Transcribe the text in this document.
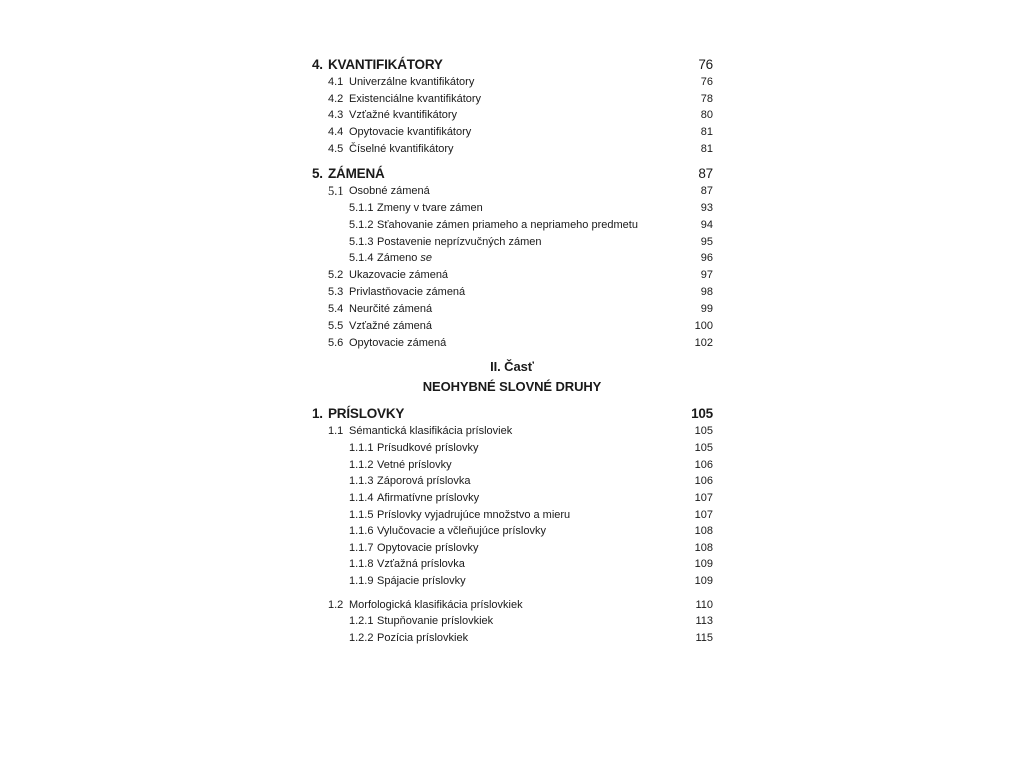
4. KVANTIFIKÁTORY	76
4.1 Univerzálne kvantifikátory	76
4.2 Existenciálne kvantifikátory	78
4.3 Vzťažné kvantifikátory	80
4.4 Opytovacie kvantifikátory	81
4.5 Číselné kvantifikátory	81
5. ZÁMENÁ	87
5.1 Osobné zámená	87
5.1.1 Zmeny v tvare zámen	93
5.1.2 Sťahovanie zámen priameho a nepriameho predmetu	94
5.1.3 Postavenie neprízvučných zámen	95
5.1.4 Zámeno se	96
5.2 Ukazovacie zámená	97
5.3 Privlastňovacie zámená	98
5.4 Neurčité zámená	99
5.5 Vzťažné zámená	100
5.6 Opytovacie zámená	102
II. Časť
NEOHYBNÉ SLOVNÉ DRUHY
1. PRÍSLOVKY	105
1.1 Sémantická klasifikácia prísloviek	105
1.1.1 Prísudkové príslovky	105
1.1.2 Vetné príslovky	106
1.1.3 Záporová príslovka	106
1.1.4 Afirmatívne príslovky	107
1.1.5 Príslovky vyjadrujúce množstvo a mieru	107
1.1.6 Vylučovacie a včleňujúce príslovky	108
1.1.7 Opytovacie príslovky	108
1.1.8 Vzťažná príslovka	109
1.1.9 Spájacie príslovky	109
1.2 Morfologická klasifikácia príslovkiek	110
1.2.1 Stupňovanie príslovkiek	113
1.2.2 Pozícia príslovkiek	115
